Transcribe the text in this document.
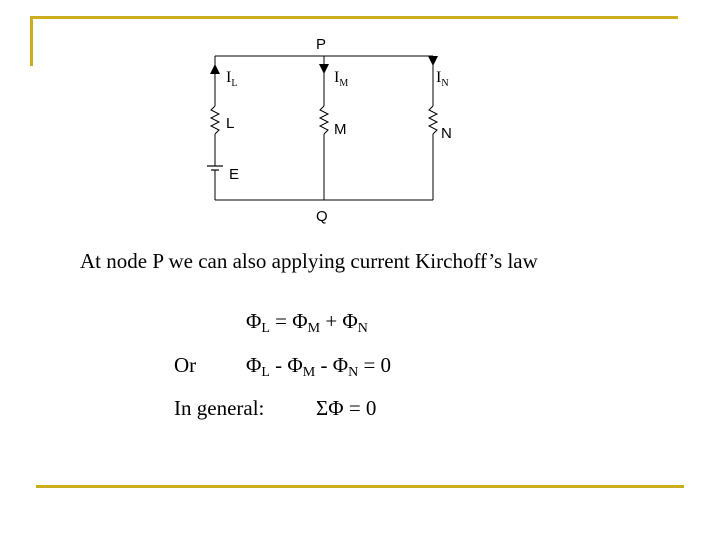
P
Q
$I_L$	$I_M$	$I_N$
L	M	N
E
At node P we can also applying current Kirchoff’s law
ΦL = ΦM + ΦN
Or ΦL - ΦM - ΦN = 0
In general: ΣΦ = 0
